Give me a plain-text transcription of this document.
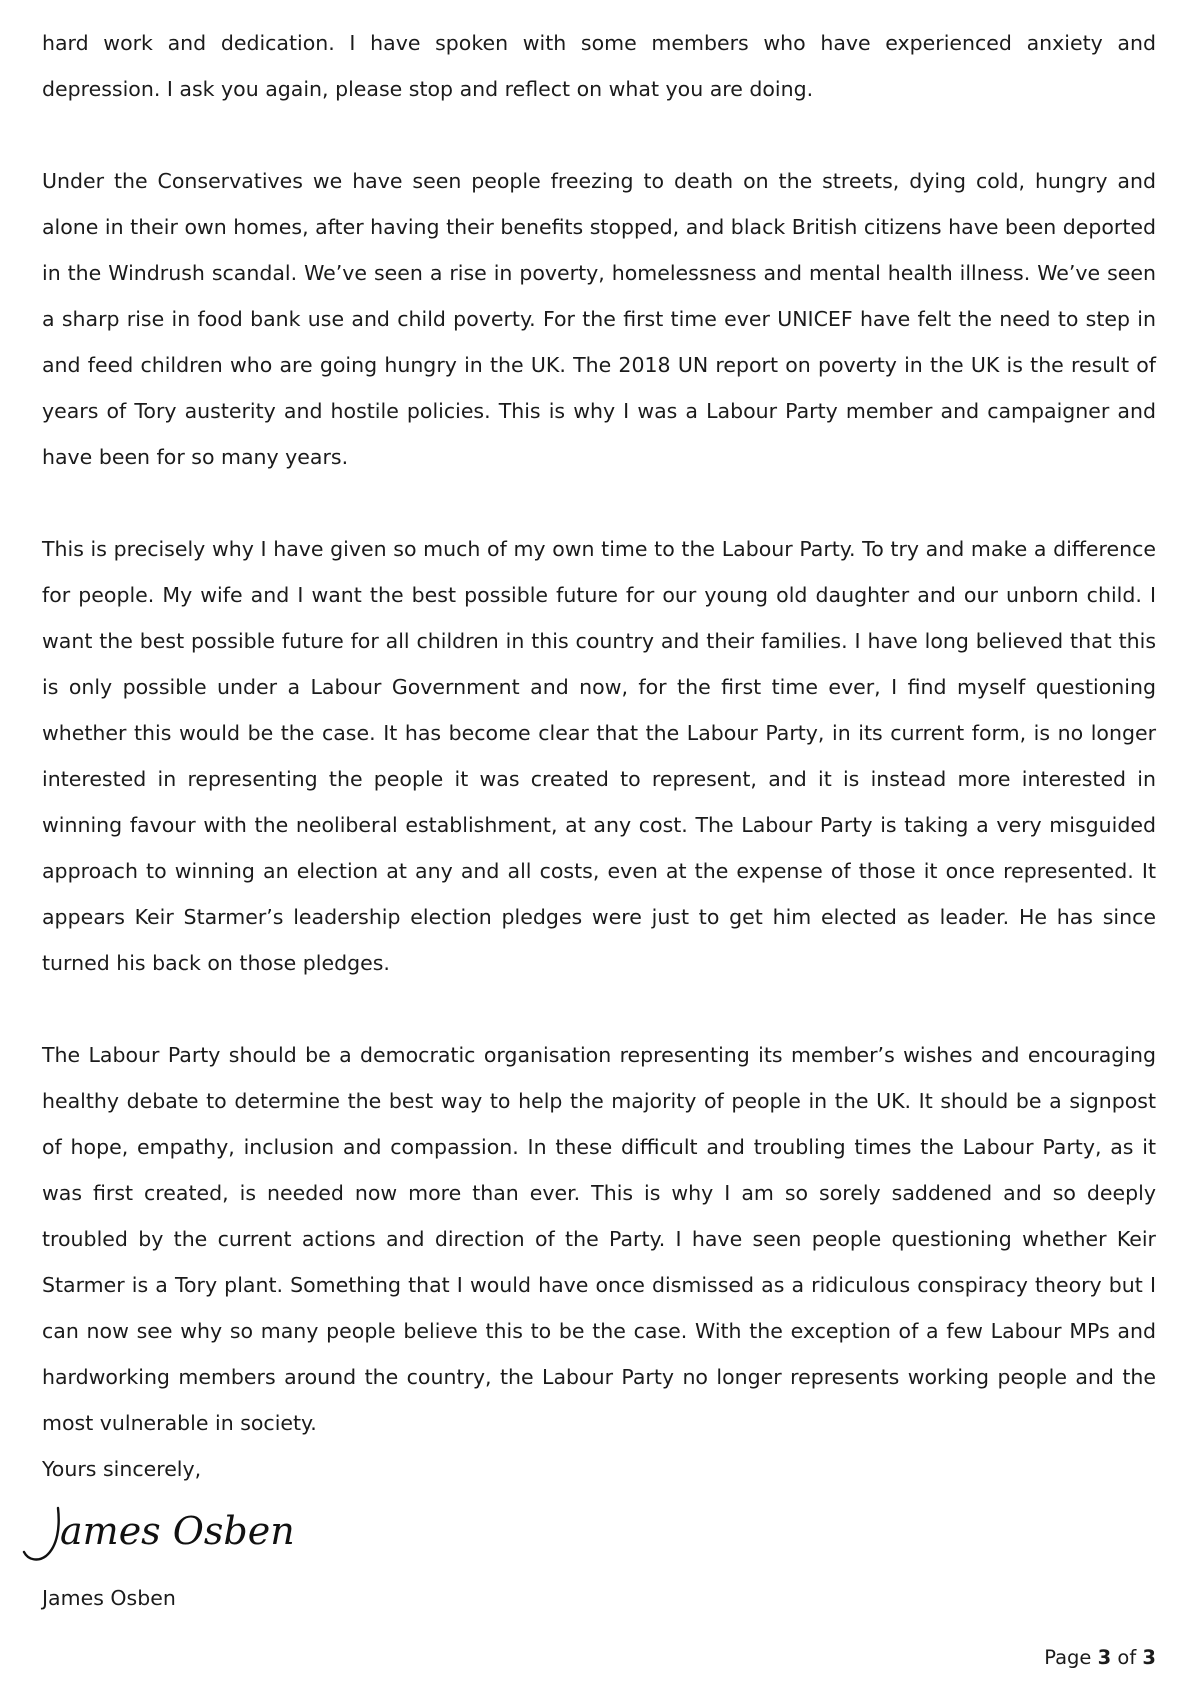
hard work and dedication. I have spoken with some members who have experienced anxiety and depression. I ask you again, please stop and reflect on what you are doing.

Under the Conservatives we have seen people freezing to death on the streets, dying cold, hungry and alone in their own homes, after having their benefits stopped, and black British citizens have been deported in the Windrush scandal. We’ve seen a rise in poverty, homelessness and mental health illness. We’ve seen a sharp rise in food bank use and child poverty. For the first time ever UNICEF have felt the need to step in and feed children who are going hungry in the UK. The 2018 UN report on poverty in the UK is the result of years of Tory austerity and hostile policies. This is why I was a Labour Party member and campaigner and have been for so many years.

This is precisely why I have given so much of my own time to the Labour Party. To try and make a difference for people. My wife and I want the best possible future for our young old daughter and our unborn child. I want the best possible future for all children in this country and their families. I have long believed that this is only possible under a Labour Government and now, for the first time ever, I find myself questioning whether this would be the case. It has become clear that the Labour Party, in its current form, is no longer interested in representing the people it was created to represent, and it is instead more interested in winning favour with the neoliberal establishment, at any cost. The Labour Party is taking a very misguided approach to winning an election at any and all costs, even at the expense of those it once represented. It appears Keir Starmer’s leadership election pledges were just to get him elected as leader. He has since turned his back on those pledges.

The Labour Party should be a democratic organisation representing its member’s wishes and encouraging healthy debate to determine the best way to help the majority of people in the UK. It should be a signpost of hope, empathy, inclusion and compassion. In these difficult and troubling times the Labour Party, as it was first created, is needed now more than ever. This is why I am so sorely saddened and so deeply troubled by the current actions and direction of the Party. I have seen people questioning whether Keir Starmer is a Tory plant. Something that I would have once dismissed as a ridiculous conspiracy theory but I can now see why so many people believe this to be the case. With the exception of a few Labour MPs and hardworking members around the country, the Labour Party no longer represents working people and the most vulnerable in society.

Yours sincerely,

ames Osben

James Osben

Page 3 of 3
